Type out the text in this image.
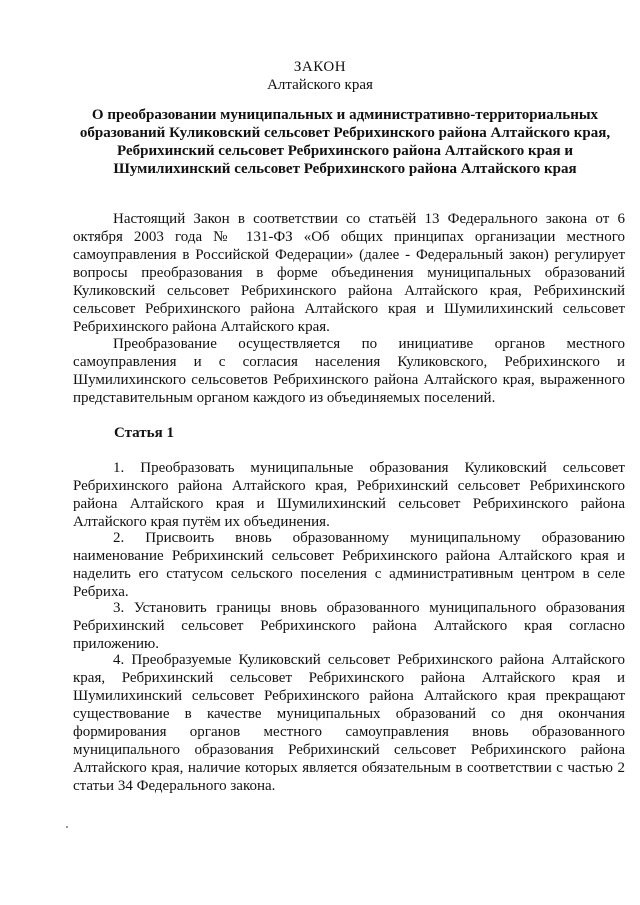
ЗАКОН

Алтайского края

О преобразовании муниципальных и административно-территориальных образований Куликовский сельсовет Ребрихинского района Алтайского края, Ребрихинский сельсовет Ребрихинского района Алтайского края и Шумилихинский сельсовет Ребрихинского района Алтайского края

Настоящий Закон в соответствии со статьёй 13 Федерального закона от 6 октября 2003 года № 131-ФЗ «Об общих принципах организации местного самоуправления в Российской Федерации» (далее - Федеральный закон) регулирует вопросы преобразования в форме объединения муниципальных образований Куликовский сельсовет Ребрихинского района Алтайского края, Ребрихинский сельсовет Ребрихинского района Алтайского края и Шумилихинский сельсовет Ребрихинского района Алтайского края.

Преобразование осуществляется по инициативе органов местного самоуправления и с согласия населения Куликовского, Ребрихинского и Шумилихинского сельсоветов Ребрихинского района Алтайского края, выраженного представительным органом каждого из объединяемых поселений.

Статья 1

1. Преобразовать муниципальные образования Куликовский сельсовет Ребрихинского района Алтайского края, Ребрихинский сельсовет Ребрихинского района Алтайского края и Шумилихинский сельсовет Ребрихинского района Алтайского края путём их объединения.

2. Присвоить вновь образованному муниципальному образованию наименование Ребрихинский сельсовет Ребрихинского района Алтайского края и наделить его статусом сельского поселения с административным центром в селе Ребриха.

3. Установить границы вновь образованного муниципального образования Ребрихинский сельсовет Ребрихинского района Алтайского края согласно приложению.

4. Преобразуемые Куликовский сельсовет Ребрихинского района Алтайского края, Ребрихинский сельсовет Ребрихинского района Алтайского края и Шумилихинский сельсовет Ребрихинского района Алтайского края прекращают существование в качестве муниципальных образований со дня окончания формирования органов местного самоуправления вновь образованного муниципального образования Ребрихинский сельсовет Ребрихинского района Алтайского края, наличие которых является обязательным в соответствии с частью 2 статьи 34 Федерального закона.
